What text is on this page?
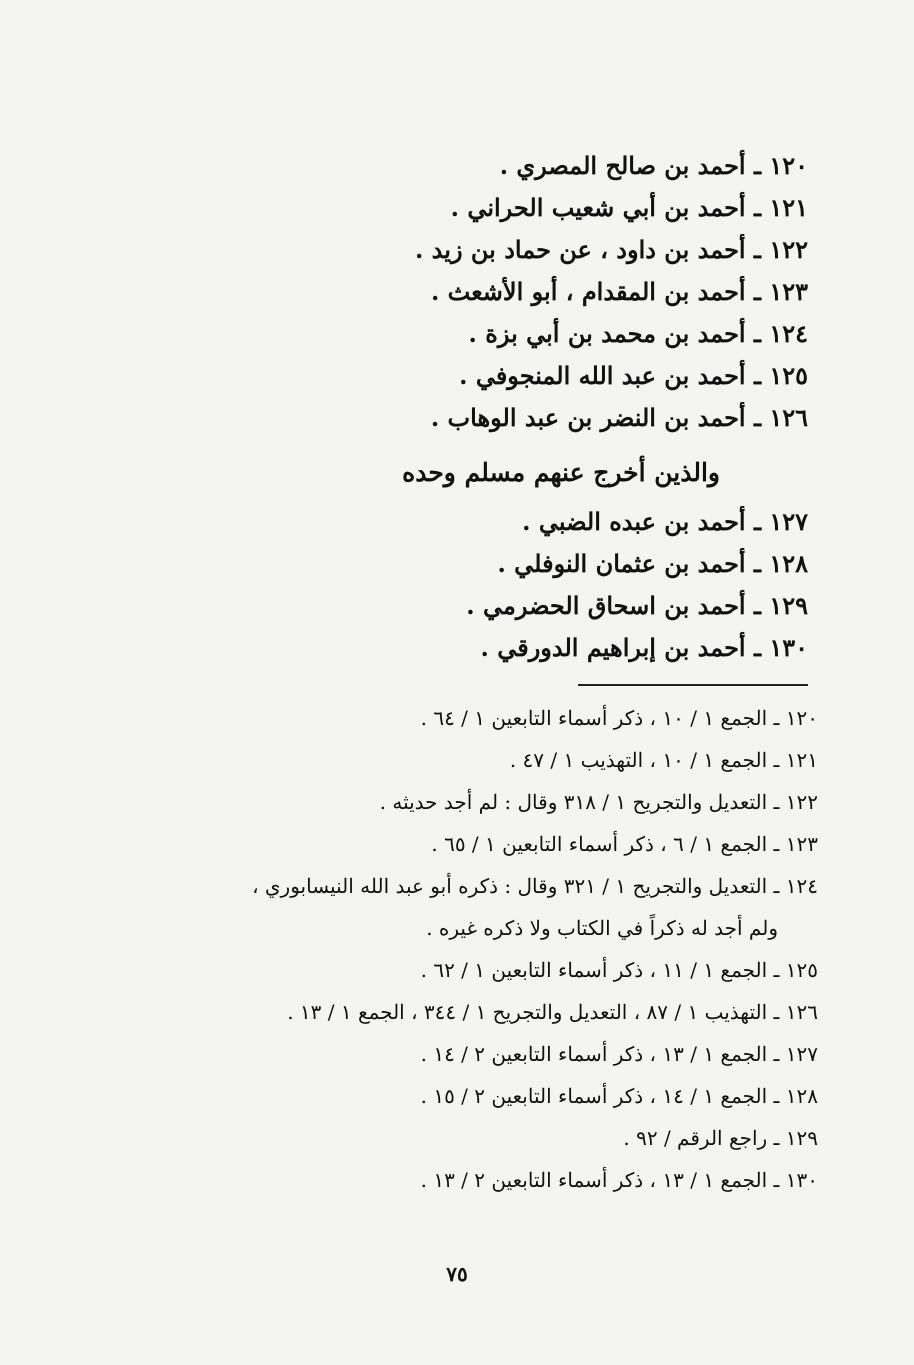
١٢٠ ـ أحمد بن صالح المصري .
١٢١ ـ أحمد بن أبي شعيب الحراني .
١٢٢ ـ أحمد بن داود ، عن حماد بن زيد .
١٢٣ ـ أحمد بن المقدام ، أبو الأشعث .
١٢٤ ـ أحمد بن محمد بن أبي بزة .
١٢٥ ـ أحمد بن عبد الله المنجوفي .
١٢٦ ـ أحمد بن النضر بن عبد الوهاب .
والذين أخرج عنهم مسلم وحده
١٢٧ ـ أحمد بن عبده الضبي .
١٢٨ ـ أحمد بن عثمان النوفلي .
١٢٩ ـ أحمد بن اسحاق الحضرمي .
١٣٠ ـ أحمد بن إبراهيم الدورقي .
١٢٠ ـ الجمع ١ / ١٠ ، ذكر أسماء التابعين ١ / ٦٤ .
١٢١ ـ الجمع ١ / ١٠ ، التهذيب ١ / ٤٧ .
١٢٢ ـ التعديل والتجريح ١ / ٣١٨ وقال : لم أجد حديثه .
١٢٣ ـ الجمع ١ / ٦ ، ذكر أسماء التابعين ١ / ٦٥ .
١٢٤ ـ التعديل والتجريح ١ / ٣٢١ وقال : ذكره أبو عبد الله النيسابوري ،
ولم أجد له ذكراً في الكتاب ولا ذكره غيره .
١٢٥ ـ الجمع ١ / ١١ ، ذكر أسماء التابعين ١ / ٦٢ .
١٢٦ ـ التهذيب ١ / ٨٧ ، التعديل والتجريح ١ / ٣٤٤ ، الجمع ١ / ١٣ .
١٢٧ ـ الجمع ١ / ١٣ ، ذكر أسماء التابعين ٢ / ١٤ .
١٢٨ ـ الجمع ١ / ١٤ ، ذكر أسماء التابعين ٢ / ١٥ .
١٢٩ ـ راجع الرقم / ٩٢ .
١٣٠ ـ الجمع ١ / ١٣ ، ذكر أسماء التابعين ٢ / ١٣ .
٧٥
